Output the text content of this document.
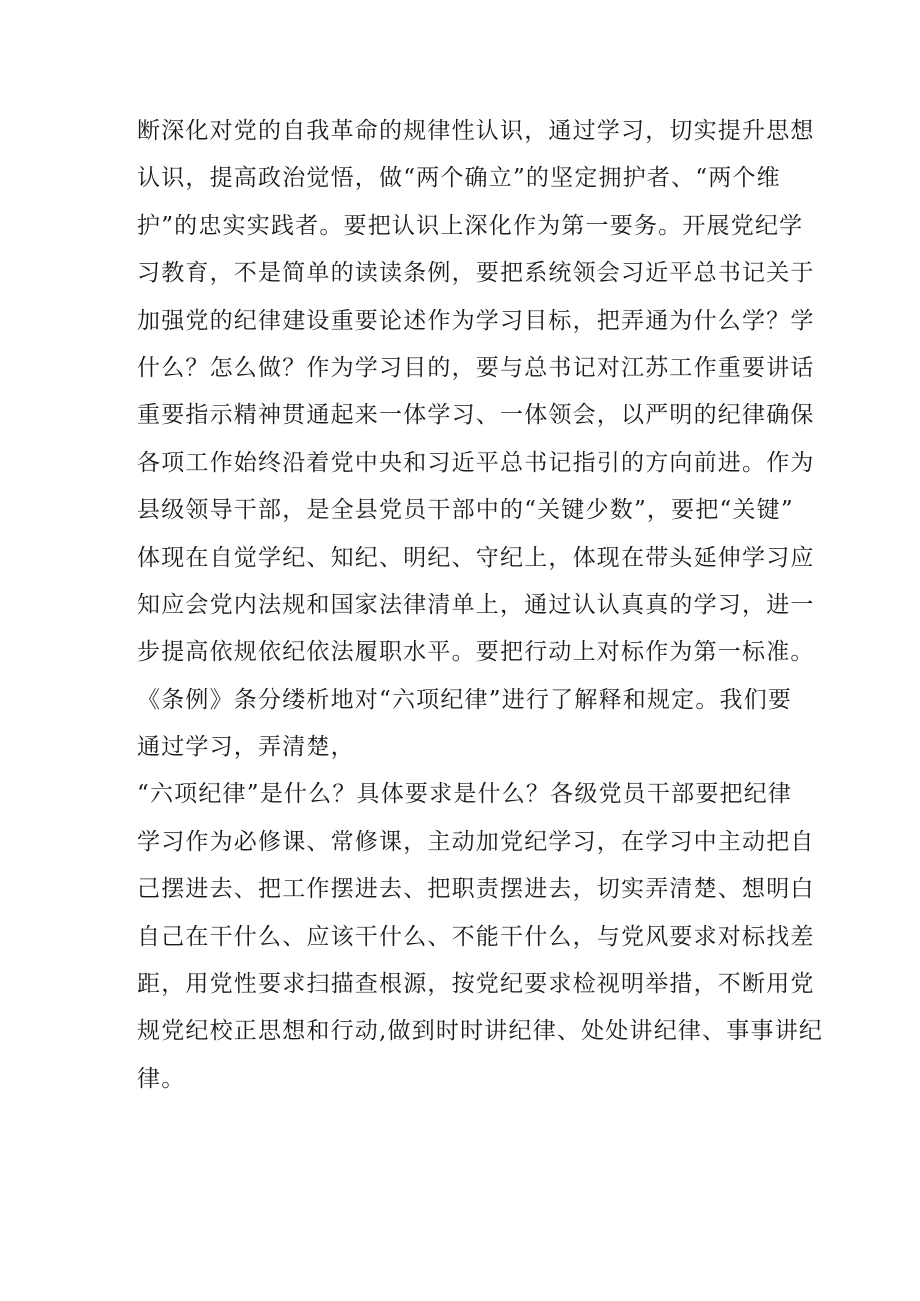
断深化对党的自我革命的规律性认识，通过学习，切实提升思想
认识，提高政治觉悟，做“两个确立”的坚定拥护者、“两个维
护”的忠实实践者。要把认识上深化作为第一要务。开展党纪学
习教育，不是简单的读读条例，要把系统领会习近平总书记关于
加强党的纪律建设重要论述作为学习目标，把弄通为什么学？学
什么？怎么做？作为学习目的，要与总书记对江苏工作重要讲话
重要指示精神贯通起来一体学习、一体领会，以严明的纪律确保
各项工作始终沿着党中央和习近平总书记指引的方向前进。作为
县级领导干部，是全县党员干部中的“关键少数”，要把“关键”
体现在自觉学纪、知纪、明纪、守纪上，体现在带头延伸学习应
知应会党内法规和国家法律清单上，通过认认真真的学习，进一
步提高依规依纪依法履职水平。要把行动上对标作为第一标准。
《条例》条分缕析地对“六项纪律”进行了解释和规定。我们要
通过学习，弄清楚，
“六项纪律”是什么？具体要求是什么？各级党员干部要把纪律
学习作为必修课、常修课，主动加党纪学习，在学习中主动把自
己摆进去、把工作摆进去、把职责摆进去，切实弄清楚、想明白
自己在干什么、应该干什么、不能干什么，与党风要求对标找差
距，用党性要求扫描查根源，按党纪要求检视明举措，不断用党
规党纪校正思想和行动,做到时时讲纪律、处处讲纪律、事事讲纪
律。
